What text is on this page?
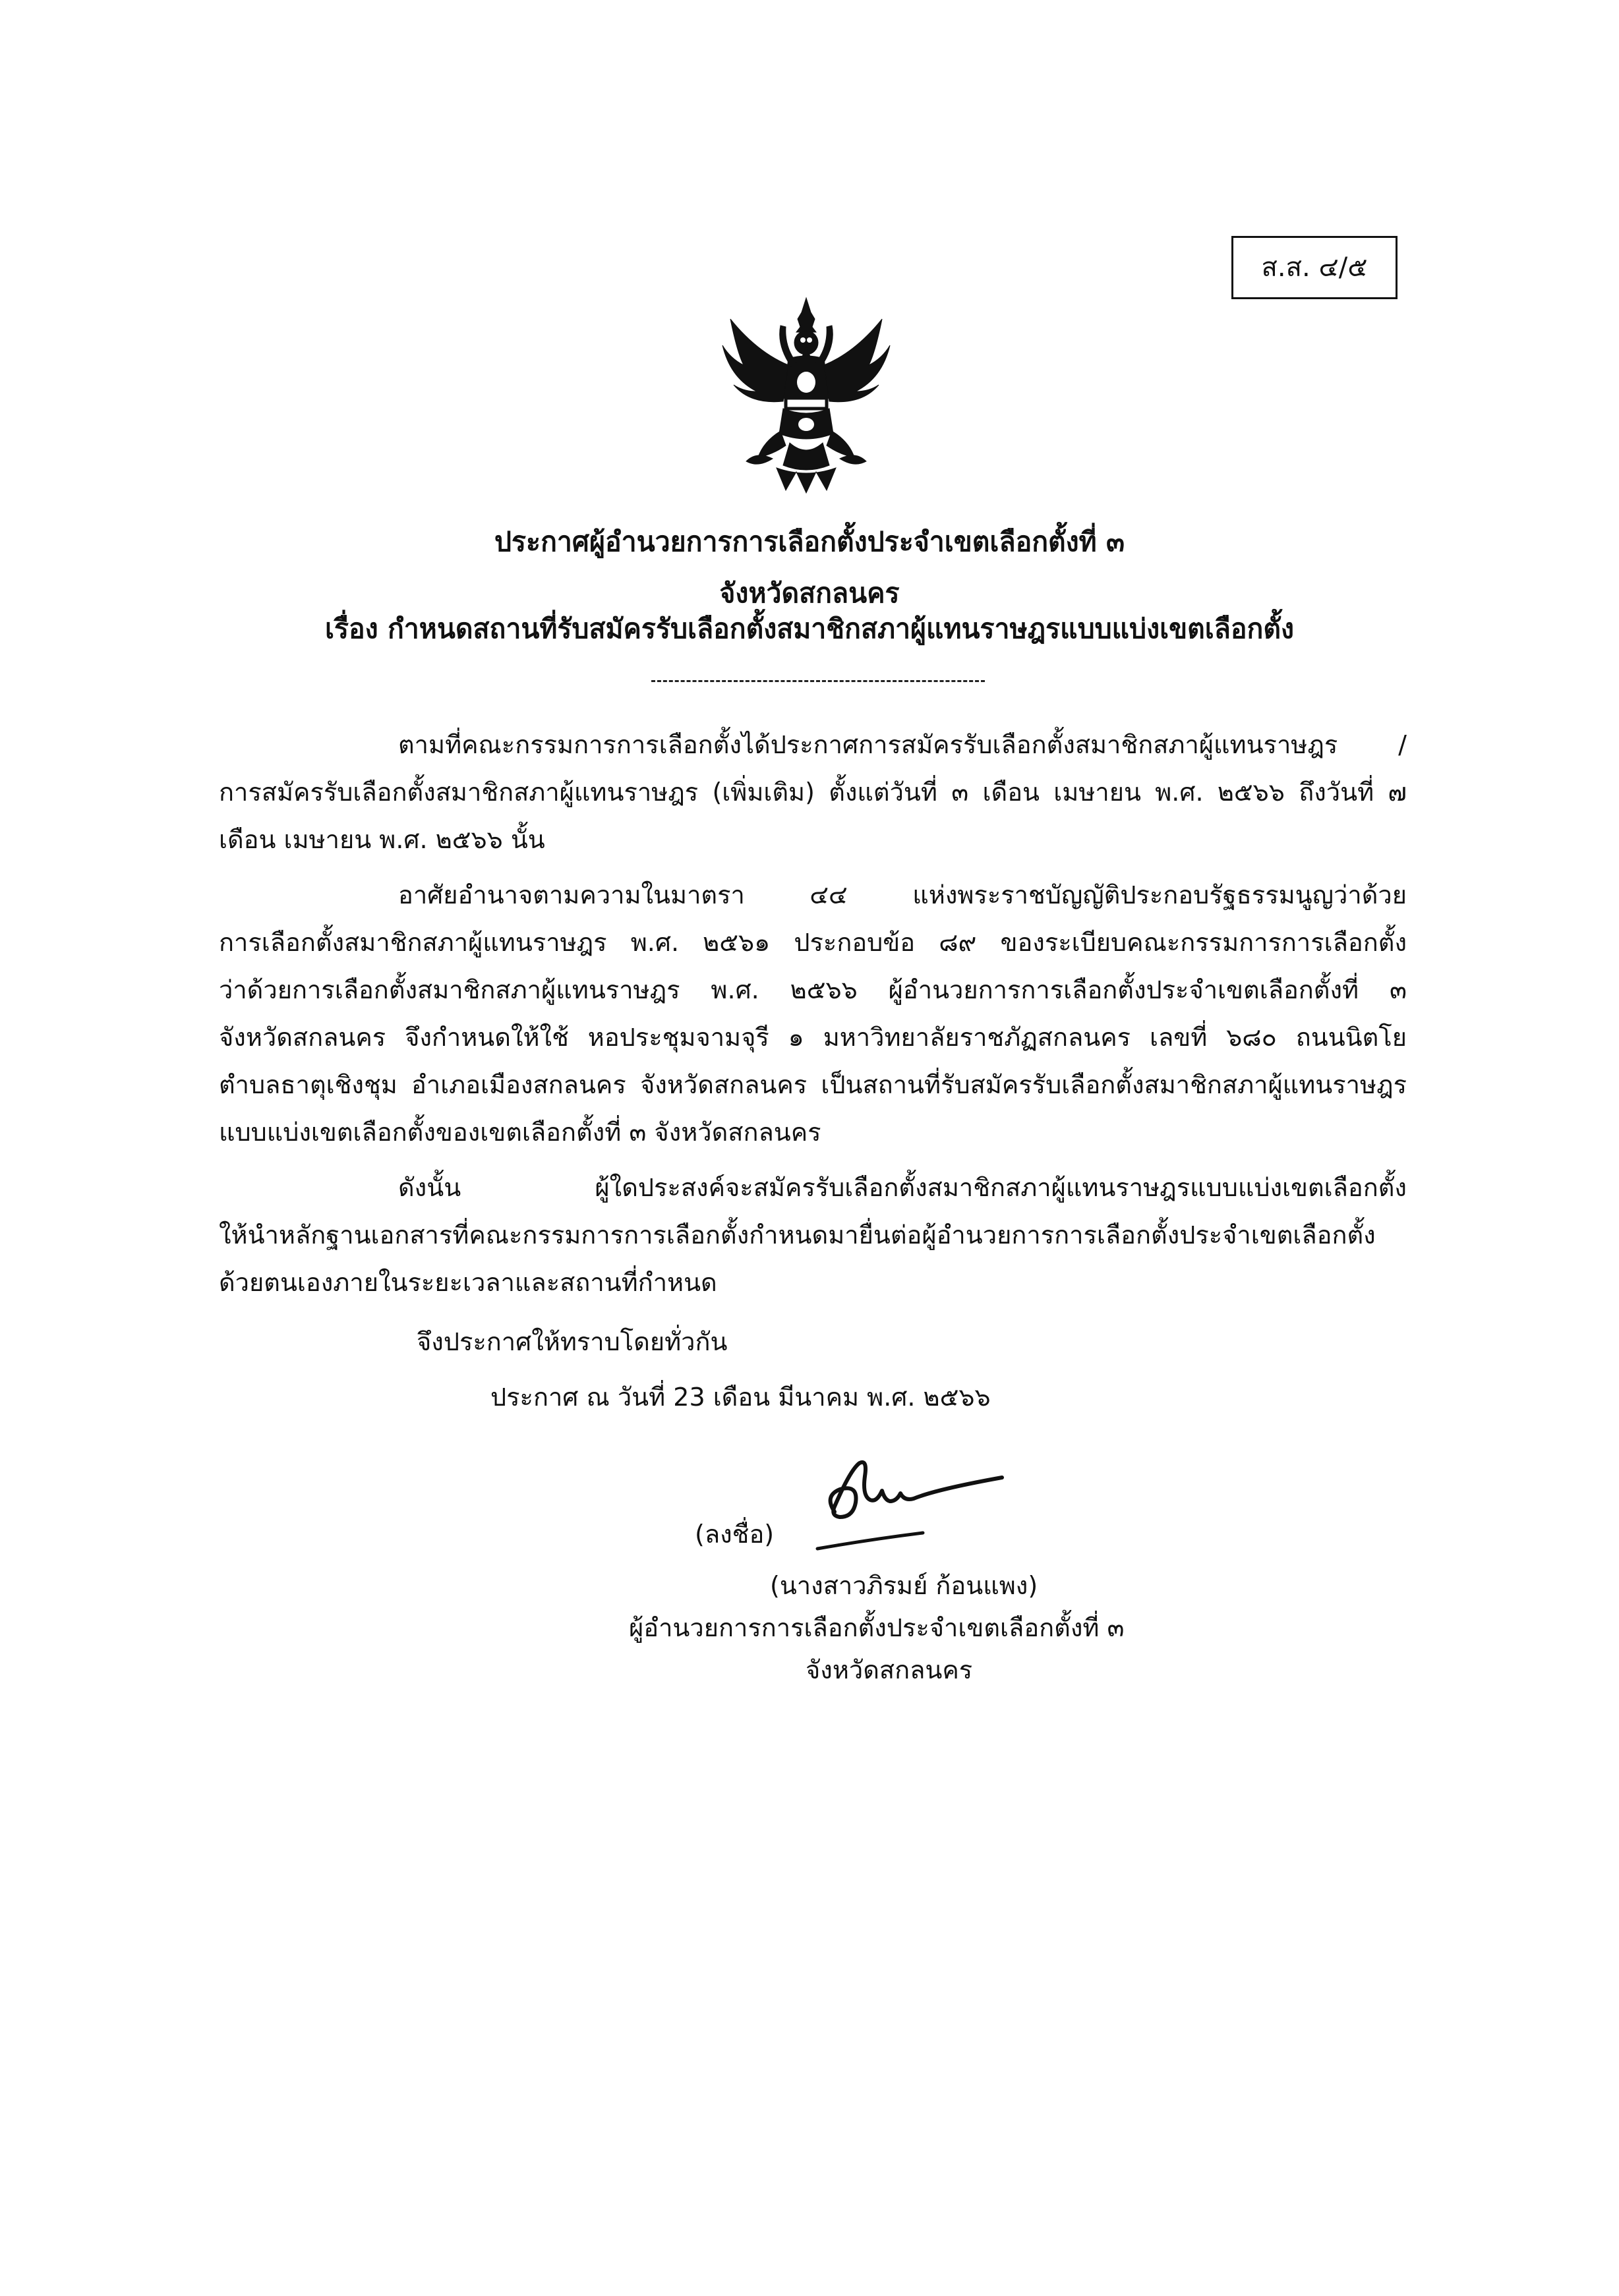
ส.ส. ๔/๕
ประกาศผู้อำนวยการการเลือกตั้งประจำเขตเลือกตั้งที่ ๓
จังหวัดสกลนคร
เรื่อง กำหนดสถานที่รับสมัครรับเลือกตั้งสมาชิกสภาผู้แทนราษฎรแบบแบ่งเขตเลือกตั้ง
ตามที่คณะกรรมการการเลือกตั้งได้ประกาศการสมัครรับเลือกตั้งสมาชิกสภาผู้แทนราษฎร /
การสมัครรับเลือกตั้งสมาชิกสภาผู้แทนราษฎร (เพิ่มเติม) ตั้งแต่วันที่ ๓ เดือน เมษายน พ.ศ. ๒๕๖๖ ถึงวันที่ ๗
เดือน เมษายน พ.ศ. ๒๕๖๖ นั้น
อาศัยอำนาจตามความในมาตรา ๔๔ แห่งพระราชบัญญัติประกอบรัฐธรรมนูญว่าด้วย
การเลือกตั้งสมาชิกสภาผู้แทนราษฎร พ.ศ. ๒๕๖๑ ประกอบข้อ ๘๙ ของระเบียบคณะกรรมการการเลือกตั้ง
ว่าด้วยการเลือกตั้งสมาชิกสภาผู้แทนราษฎร พ.ศ. ๒๕๖๖ ผู้อำนวยการการเลือกตั้งประจำเขตเลือกตั้งที่ ๓
จังหวัดสกลนคร จึงกำหนดให้ใช้ หอประชุมจามจุรี ๑ มหาวิทยาลัยราชภัฏสกลนคร เลขที่ ๖๘๐ ถนนนิตโย
ตำบลธาตุเชิงชุม อำเภอเมืองสกลนคร จังหวัดสกลนคร เป็นสถานที่รับสมัครรับเลือกตั้งสมาชิกสภาผู้แทนราษฎร
แบบแบ่งเขตเลือกตั้งของเขตเลือกตั้งที่ ๓ จังหวัดสกลนคร
ดังนั้น ผู้ใดประสงค์จะสมัครรับเลือกตั้งสมาชิกสภาผู้แทนราษฎรแบบแบ่งเขตเลือกตั้ง
ให้นำหลักฐานเอกสารที่คณะกรรมการการเลือกตั้งกำหนดมายื่นต่อผู้อำนวยการการเลือกตั้งประจำเขตเลือกตั้ง
ด้วยตนเองภายในระยะเวลาและสถานที่กำหนด
จึงประกาศให้ทราบโดยทั่วกัน
ประกาศ ณ วันที่ 23 เดือน มีนาคม พ.ศ. ๒๕๖๖
(ลงชื่อ)
(นางสาวภิรมย์ ก้อนแพง)
ผู้อำนวยการการเลือกตั้งประจำเขตเลือกตั้งที่ ๓
จังหวัดสกลนคร
